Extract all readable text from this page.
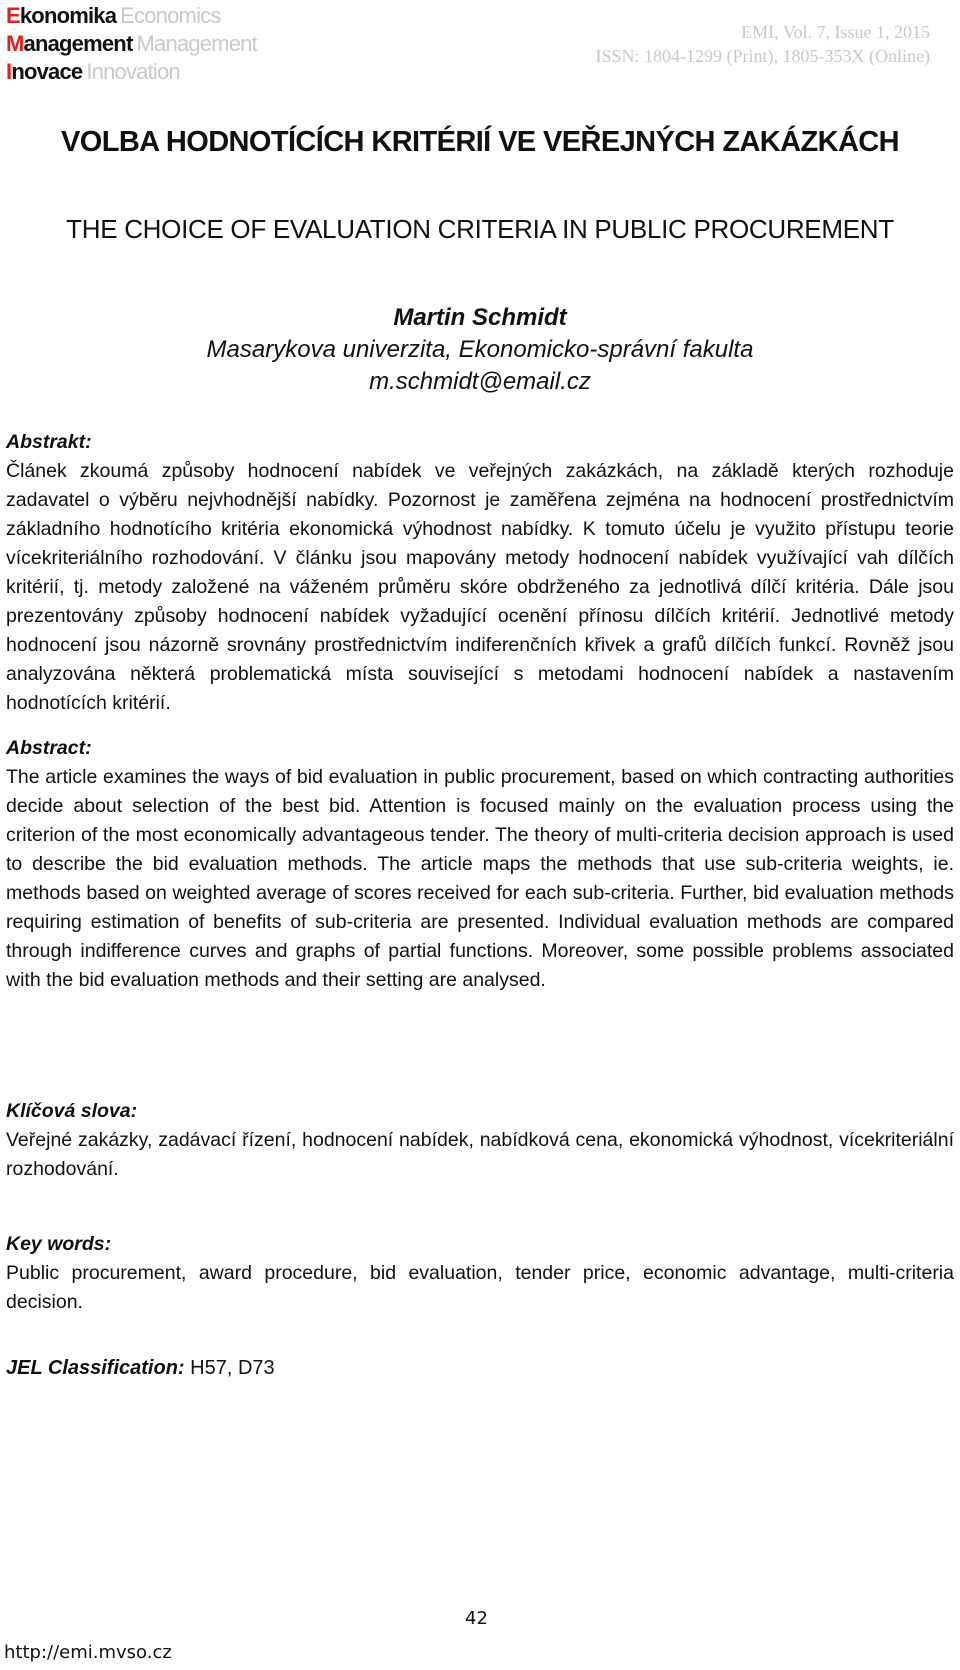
Ekonomika Economics
Management Management
Inovace Innovation
EMI, Vol. 7, Issue 1, 2015
ISSN: 1804-1299 (Print), 1805-353X (Online)
VOLBA HODNOTÍCÍCH KRITÉRIÍ VE VEŘEJNÝCH ZAKÁZKÁCH
THE CHOICE OF EVALUATION CRITERIA IN PUBLIC PROCUREMENT
Martin Schmidt
Masarykova univerzita, Ekonomicko-správní fakulta
m.schmidt@email.cz
Abstrakt:
Článek zkoumá způsoby hodnocení nabídek ve veřejných zakázkách, na základě kterých rozhoduje zadavatel o výběru nejvhodnější nabídky. Pozornost je zaměřena zejména na hodnocení prostřednictvím základního hodnotícího kritéria ekonomická výhodnost nabídky. K tomuto účelu je využito přístupu teorie vícekriteriálního rozhodování. V článku jsou mapovány metody hodnocení nabídek využívající vah dílčích kritérií, tj. metody založené na váženém průměru skóre obdrženého za jednotlivá dílčí kritéria. Dále jsou prezentovány způsoby hodnocení nabídek vyžadující ocenění přínosu dílčích kritérií. Jednotlivé metody hodnocení jsou názorně srovnány prostřednictvím indiferenčních křivek a grafů dílčích funkcí. Rovněž jsou analyzována některá problematická místa související s metodami hodnocení nabídek a nastavením hodnotících kritérií.
Abstract:
The article examines the ways of bid evaluation in public procurement, based on which contracting authorities decide about selection of the best bid. Attention is focused mainly on the evaluation process using the criterion of the most economically advantageous tender. The theory of multi-criteria decision approach is used to describe the bid evaluation methods. The article maps the methods that use sub-criteria weights, ie. methods based on weighted average of scores received for each sub-criteria. Further, bid evaluation methods requiring estimation of benefits of sub-criteria are presented. Individual evaluation methods are compared through indifference curves and graphs of partial functions. Moreover, some possible problems associated with the bid evaluation methods and their setting are analysed.
Klíčová slova:
Veřejné zakázky, zadávací řízení, hodnocení nabídek, nabídková cena, ekonomická výhodnost, vícekriteriální rozhodování.
Key words:
Public procurement, award procedure, bid evaluation, tender price, economic advantage, multi-criteria decision.
JEL Classification: H57, D73
42
http://emi.mvso.cz
